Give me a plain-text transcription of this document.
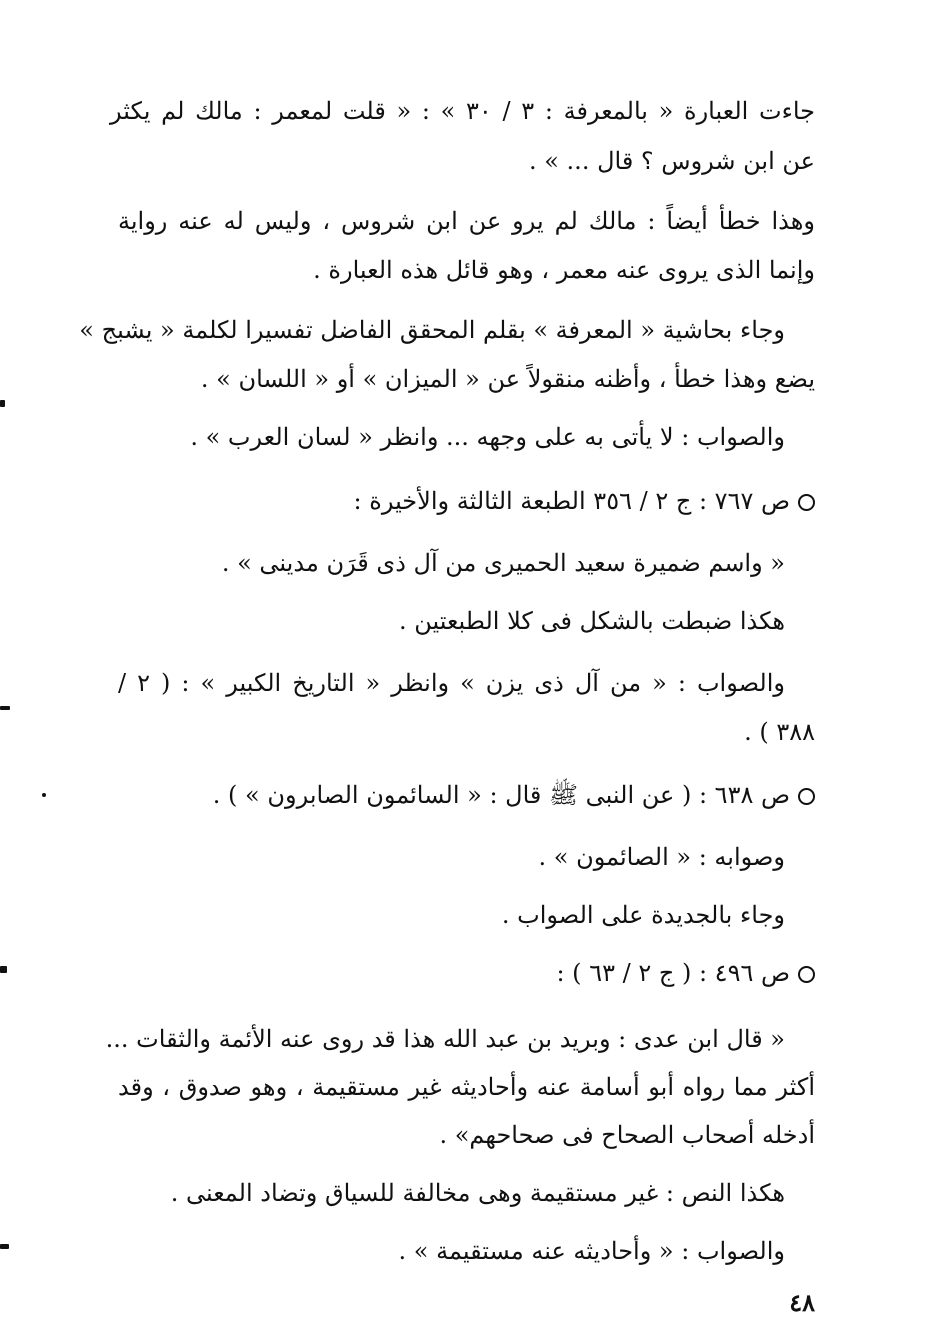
جاءت العبارة « بالمعرفة : ٣ / ٣٠ » : « قلت لمعمر : مالك لم يكثر
عن ابن شروس ؟ قال ... » .
وهذا خطأ أيضاً : مالك لم يرو عن ابن شروس ، وليس له عنه رواية
وإنما الذى يروى عنه معمر ، وهو قائل هذه العبارة .
وجاء بحاشية « المعرفة » بقلم المحقق الفاضل تفسيرا لكلمة « يشبج »
يضع وهذا خطأ ، وأظنه منقولاً عن « الميزان » أو « اللسان » .
والصواب : لا يأتى به على وجهه ... وانظر « لسان العرب » .
ص ٧٦٧ : ج ٢ / ٣٥٦ الطبعة الثالثة والأخيرة :
« واسم ضميرة سعيد الحميرى من آل ذى قَرَن مدينى » .
هكذا ضبطت بالشكل فى كلا الطبعتين .
والصواب : « من آل ذى يزن » وانظر « التاريخ الكبير » : ( ٢ /
٣٨٨ ) .
ص ٦٣٨ : ( عن النبى ﷺ قال : « السائمون الصابرون » ) .
وصوابه : « الصائمون » .
وجاء بالجديدة على الصواب .
ص ٤٩٦ : ( ج ٢ / ٦٣ ) :
« قال ابن عدى : وبريد بن عبد الله هذا قد روى عنه الأئمة والثقات ...
أكثر مما رواه أبو أسامة عنه وأحاديثه غير مستقيمة ، وهو صدوق ، وقد
أدخله أصحاب الصحاح فى صحاحهم» .
هكذا النص : غير مستقيمة وهى مخالفة للسياق وتضاد المعنى .
والصواب : « وأحاديثه عنه مستقيمة » .
٤٨
